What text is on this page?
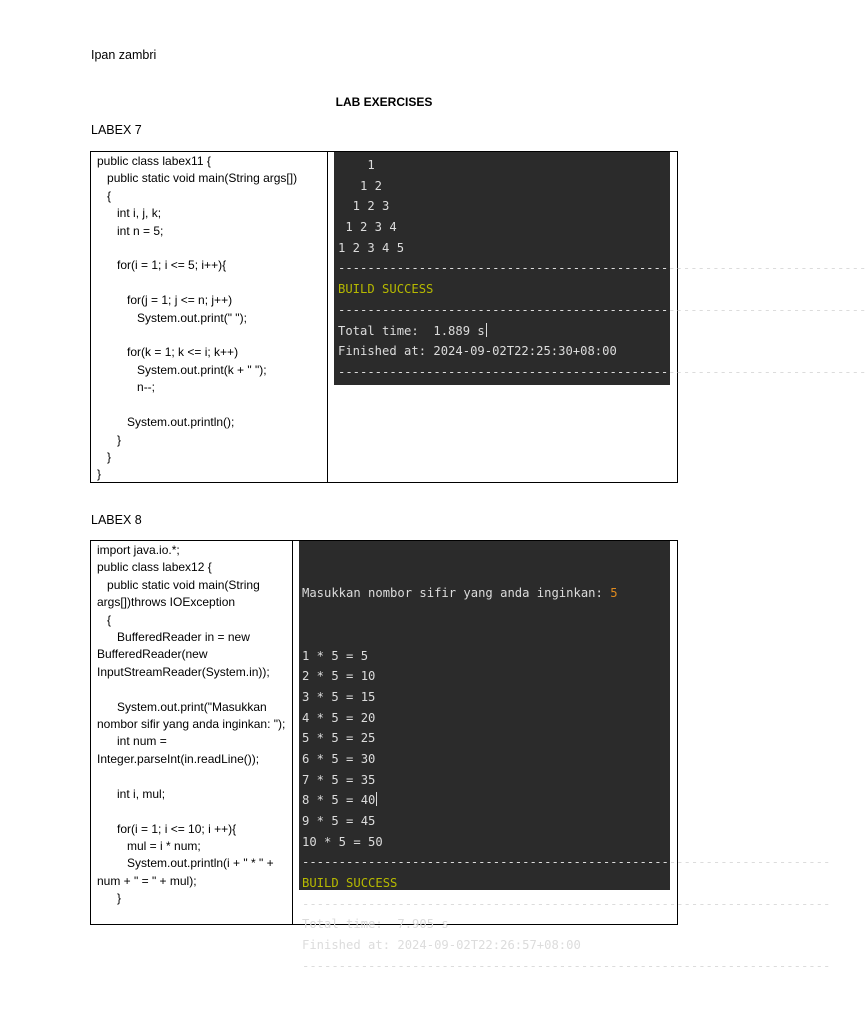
Ipan zambri
LAB EXERCISES
LABEX 7
public class labex11 {
public static void main(String args[])
{
int i, j, k;
int n = 5;

for(i = 1; i <= 5; i++){

for(j = 1; j <= n; j++)
System.out.print(" ");

for(k = 1; k <= i; k++)
System.out.print(k + " ");
n--;

System.out.println();
}
}
}

1
1 2
1 2 3
1 2 3 4
1 2 3 4 5
------------------------------------------------------------------------
BUILD SUCCESS
------------------------------------------------------------------------
Total time:  1.889 s
Finished at: 2024-09-02T22:25:30+08:00
------------------------------------------------------------------------
LABEX 8
import java.io.*;
public class labex12 {
public static void main(String args[])throws IOException
{
BufferedReader in = new BufferedReader(new InputStreamReader(System.in));

System.out.print("Masukkan nombor sifir yang anda inginkan: ");
int num = Integer.parseInt(in.readLine());

int i, mul;

for(i = 1; i <= 10; i ++){
mul = i * num;
System.out.println(i + " * " + num + " = " + mul);
}

Masukkan nombor sifir yang anda inginkan: 5

1 * 5 = 5
2 * 5 = 10
3 * 5 = 15
4 * 5 = 20
5 * 5 = 25
6 * 5 = 30
7 * 5 = 35
8 * 5 = 40
9 * 5 = 45
10 * 5 = 50
------------------------------------------------------------------------
BUILD SUCCESS
------------------------------------------------------------------------
Total time:  7.905 s
Finished at: 2024-09-02T22:26:57+08:00
------------------------------------------------------------------------
